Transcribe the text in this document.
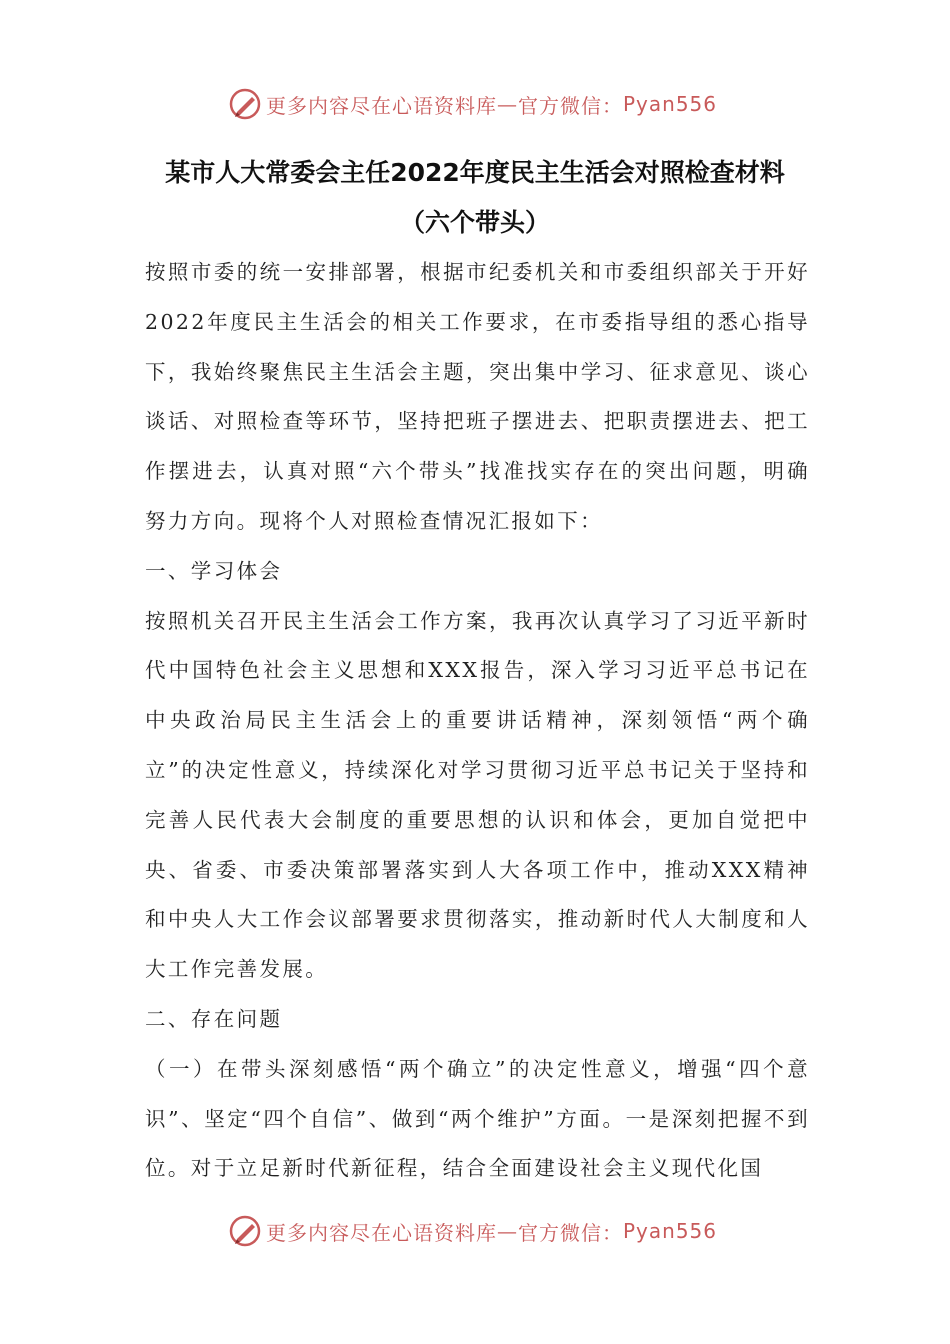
更多内容尽在心语资料库 — 官方微信： Pyan556
某市人大常委会主任2022年度民主生活会对照检查材料
（六个带头）

按照市委的统一安排部署，根据市纪委机关和市委组织部关于开好2022年度民主生活会的相关工作要求，在市委指导组的悉心指导下，我始终聚焦民主生活会主题，突出集中学习、征求意见、谈心谈话、对照检查等环节，坚持把班子摆进去、把职责摆进去、把工作摆进去，认真对照“六个带头”找准找实存在的突出问题，明确努力方向。现将个人对照检查情况汇报如下：

一、学习体会

按照机关召开民主生活会工作方案，我再次认真学习了习近平新时代中国特色社会主义思想和XXX报告，深入学习习近平总书记在中央政治局民主生活会上的重要讲话精神，深刻领悟“两个确立”的决定性意义，持续深化对学习贯彻习近平总书记关于坚持和完善人民代表大会制度的重要思想的认识和体会，更加自觉把中央、省委、市委决策部署落实到人大各项工作中，推动XXX精神和中央人大工作会议部署要求贯彻落实，推动新时代人大制度和人大工作完善发展。

二、存在问题

（一）在带头深刻感悟“两个确立”的决定性意义，增强“四个意识”、坚定“四个自信”、做到“两个维护”方面。一是深刻把握不到位。对于立足新时代新征程，结合全面建设社会主义现代化国

更多内容尽在心语资料库 — 官方微信： Pyan556
